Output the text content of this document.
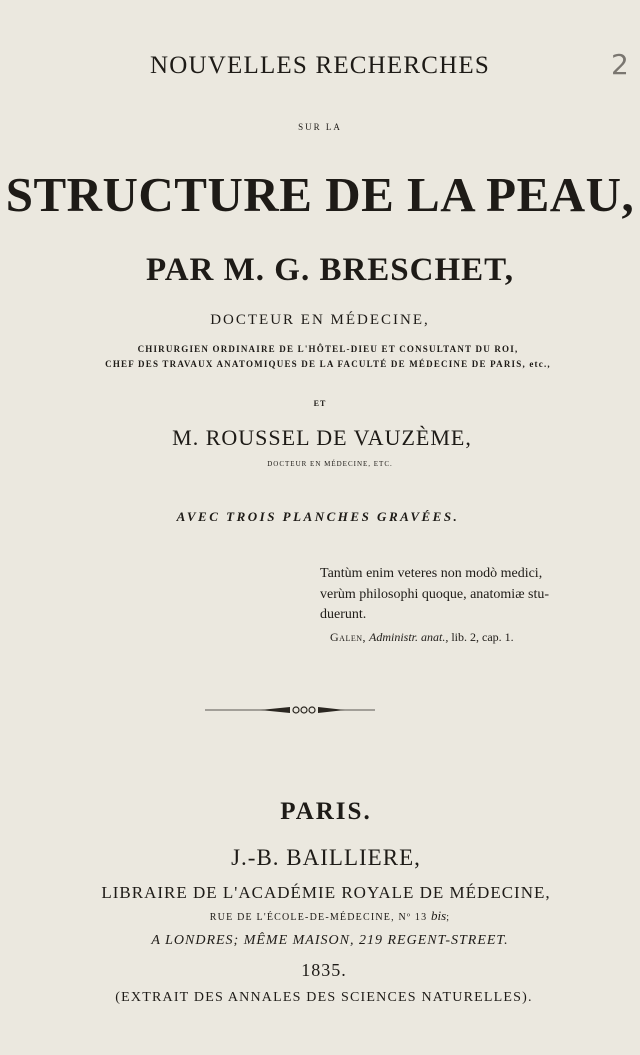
2
NOUVELLES RECHERCHES
SUR LA
STRUCTURE DE LA PEAU,
PAR M. G. BRESCHET,
DOCTEUR EN MÉDECINE,
CHIRURGIEN ORDINAIRE DE L'HÔTEL-DIEU ET CONSULTANT DU ROI,
CHEF DES TRAVAUX ANATOMIQUES DE LA FACULTÉ DE MÉDECINE DE PARIS, etc.,
ET
M. ROUSSEL DE VAUZÈME,
DOCTEUR EN MÉDECINE, ETC.
AVEC TROIS PLANCHES GRAVÉES.

Tantùm enim veteres non modò medici,

verùm philosophi quoque, anatomiæ stu-

duerunt.

Galen, Administr. anat., lib. 2, cap. 1.

PARIS.
J.-B. BAILLIERE,
LIBRAIRE DE L'ACADÉMIE ROYALE DE MÉDECINE,
RUE DE L'ÉCOLE-DE-MÉDECINE, Nº 13 bis;
A LONDRES; MÊME MAISON, 219 REGENT-STREET.
1835.
(EXTRAIT DES ANNALES DES SCIENCES NATURELLES).
